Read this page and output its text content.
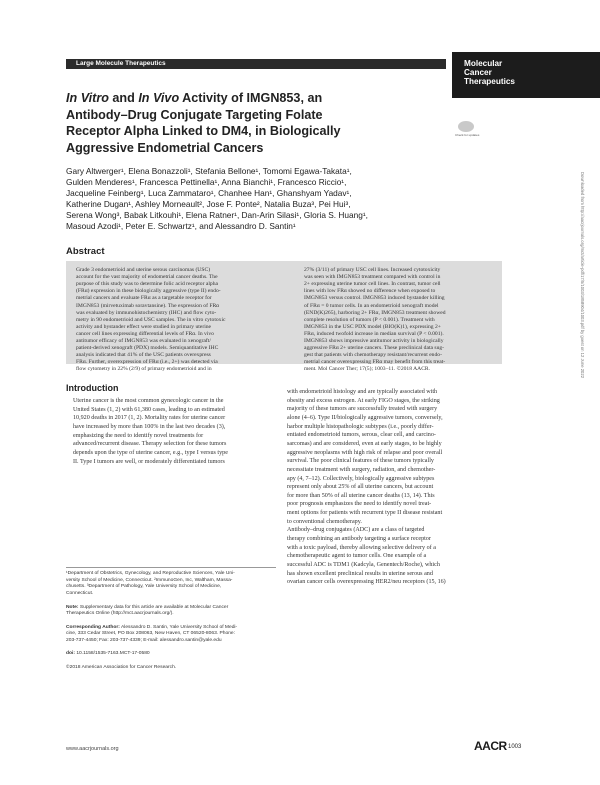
Large Molecule Therapeutics	Molecular
Cancer
Therapeutics
Check for updates
In Vitro and In Vivo Activity of IMGN853, an
Antibody–Drug Conjugate Targeting Folate
Receptor Alpha Linked to DM4, in Biologically
Aggressive Endometrial Cancers
Gary Altwerger¹, Elena Bonazzoli¹, Stefania Bellone¹, Tomomi Egawa-Takata¹,
Gulden Menderes¹, Francesca Pettinella¹, Anna Bianchi¹, Francesco Riccio¹,
Jacqueline Feinberg¹, Luca Zammataro¹, Chanhee Han¹, Ghanshyam Yadav¹,
Katherine Dugan¹, Ashley Morneault², Jose F. Ponte², Natalia Buza³, Pei Hui³,
Serena Wong³, Babak Litkouhi¹, Elena Ratner¹, Dan-Arin Silasi¹, Gloria S. Huang¹,
Masoud Azodi¹, Peter E. Schwartz¹, and Alessandro D. Santin¹
Abstract
Grade 3 endometrioid and uterine serous carcinomas (USC)
account for the vast majority of endometrial cancer deaths. The
purpose of this study was to determine folic acid receptor alpha
(FRα) expression in these biologically aggressive (type II) endo-
metrial cancers and evaluate FRα as a targetable receptor for
IMGN853 (mirvetuximab soravtansine). The expression of FRα
was evaluated by immunohistochemistry (IHC) and flow cyto-
metry in 90 endometrioid and USC samples. The in vitro cytotoxic
activity and bystander effect were studied in primary uterine
cancer cell lines expressing differential levels of FRα. In vivo
antitumor efficacy of IMGN853 was evaluated in xenograft/
patient-derived xenograft (PDX) models. Semiquantitative IHC
analysis indicated that 41% of the USC patients overexpress
FRα. Further, overexpression of FRα (i.e., 2+) was detected via
flow cytometry in 22% (2/9) of primary endometrioid and in
27% (3/11) of primary USC cell lines. Increased cytotoxicity
was seen with IMGN853 treatment compared with control in
2+ expressing uterine tumor cell lines. In contrast, tumor cell
lines with low FRα showed no difference when exposed to
IMGN853 versus control. IMGN853 induced bystander killing
of FRα = 0 tumor cells. In an endometrioid xenograft model
(END(K)265), harboring 2+ FRα, IMGN853 treatment showed
complete resolution of tumors (P < 0.001). Treatment with
IMGN853 in the USC PDX model (BIO(K)1), expressing 2+
FRα, induced twofold increase in median survival (P < 0.001).
IMGN853 shows impressive antitumor activity in biologically
aggressive FRα 2+ uterine cancers. These preclinical data sug-
gest that patients with chemotherapy resistant/recurrent endo-
metrial cancer overexpressing FRα may benefit from this treat-
ment. Mol Cancer Ther; 17(5); 1003–11. ©2018 AACR.	Downloaded from http://aacrjournals.org/mct/article-pdf/17/5/1003/1858904/1003.pdf by guest on 12 June 2022
Introduction
Uterine cancer is the most common gynecologic cancer in the
United States (1, 2) with 61,380 cases, leading to an estimated
10,920 deaths in 2017 (1, 2). Mortality rates for uterine cancer
have increased by more than 100% in the last two decades (3),
emphasizing the need to identify novel treatments for
advanced/recurrent disease. Therapy selection for these tumors
depends upon the type of uterine cancer, e.g., type I versus type
II. Type I tumors are well, or moderately differentiated tumors
with endometrioid histology and are typically associated with
obesity and excess estrogen. At early FIGO stages, the striking
majority of these tumors are successfully treated with surgery
alone (4–6). Type II/biologically aggressive tumors, conversely,
harbor multiple histopathologic subtypes (i.e., poorly differ-
entiated endometrioid tumors, serous, clear cell, and carcino-
sarcomas) and are considered, even at early stages, to be highly
aggressive neoplasms with high risk of relapse and poor overall
survival. The poor clinical features of these tumors typically
necessitate treatment with surgery, radiation, and chemother-
apy (4, 7–12). Collectively, biologically aggressive subtypes
represent only about 25% of all uterine cancers, but account
for more than 50% of all uterine cancer deaths (13, 14). This
poor prognosis emphasizes the need to identify novel treat-
ment options for patients with recurrent type II disease resistant
to conventional chemotherapy.
Antibody–drug conjugates (ADC) are a class of targeted
therapy combining an antibody targeting a surface receptor
with a toxic payload, thereby allowing selective delivery of a
chemotherapeutic agent to tumor cells. One example of a
successful ADC is TDM1 (Kadcyla, Genentech/Roche), which
has shown excellent preclinical results in uterine serous and
ovarian cancer cells overexpressing HER2/neu receptors (15, 16)
¹Department of Obstetrics, Gynecology, and Reproductive Sciences, Yale Uni-
versity School of Medicine, Connecticut. ²ImmunoGen, Inc, Waltham, Massa-
chusetts. ³Department of Pathology, Yale University School of Medicine,
Connecticut.
Note: Supplementary data for this article are available at Molecular Cancer
Therapeutics Online (http://mct.aacrjournals.org/).
Corresponding Author: Alessandro D. Santin, Yale University School of Medi-
cine, 333 Cedar Street, PO Box 208063, New Haven, CT 06520-8063. Phone:
203-737-4450; Fax: 203-737-4339; E-mail: alessandro.santin@yale.edu
doi: 10.1158/1535-7163.MCT-17-0580
©2018 American Association for Cancer Research.
www.aacrjournals.org	AACR 1003
